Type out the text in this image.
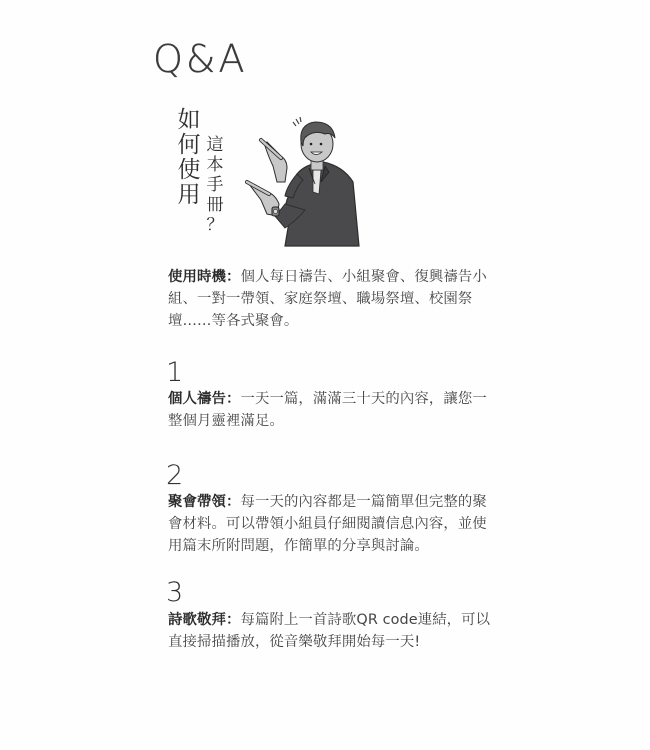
Q&A
如
何
使
用
這
本
手
冊
？
使用時機：個人每日禱告、小組聚會、復興禱告小組、一對一帶領、家庭祭壇、職場祭壇、校園祭壇……等各式聚會。
1
個人禱告：一天一篇，滿滿三十天的內容，讓您一整個月靈裡滿足。
2
聚會帶領：每一天的內容都是一篇簡單但完整的聚會材料。可以帶領小組員仔細閱讀信息內容，並使用篇末所附問題，作簡單的分享與討論。
3
詩歌敬拜：每篇附上一首詩歌QR code連結，可以直接掃描播放，從音樂敬拜開始每一天!
